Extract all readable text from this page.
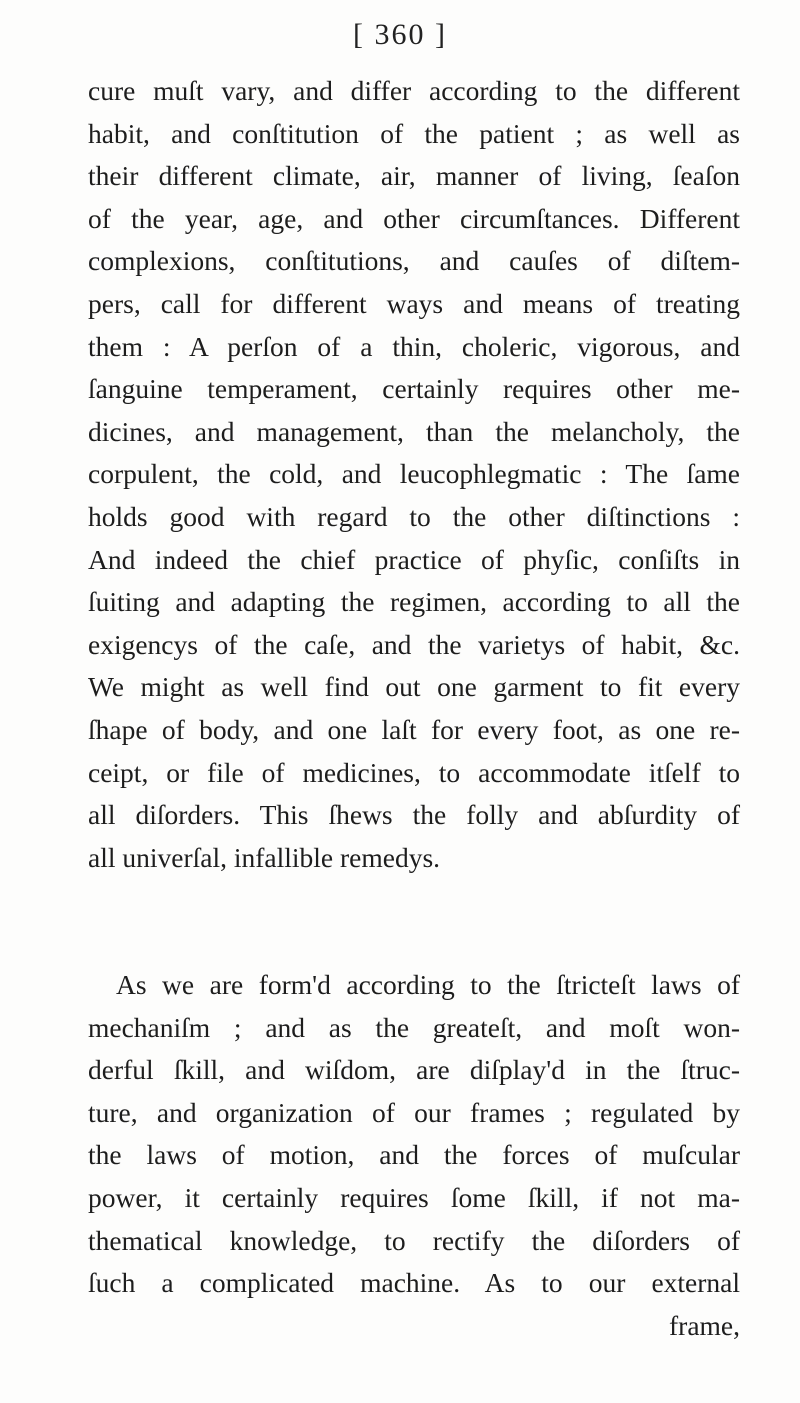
[ 360 ]
cure muſt vary, and differ according to the different
habit, and conſtitution of the patient ; as well as
their different climate, air, manner of living, ſeaſon
of the year, age, and other circumſtances. Different
complexions, conſtitutions, and cauſes of diſtem-
pers, call for different ways and means of treating
them : A perſon of a thin, choleric, vigorous, and
ſanguine temperament, certainly requires other me-
dicines, and management, than the melancholy, the
corpulent, the cold, and leucophlegmatic : The ſame
holds good with regard to the other diſtinctions :
And indeed the chief practice of phyſic, conſiſts in
ſuiting and adapting the regimen, according to all the
exigencys of the caſe, and the varietys of habit, &c.
We might as well find out one garment to fit every
ſhape of body, and one laſt for every foot, as one re-
ceipt, or file of medicines, to accommodate itſelf to
all diſorders. This ſhews the folly and abſurdity of
all univerſal, infallible remedys.
As we are form'd according to the ſtricteſt laws of
mechaniſm ; and as the greateſt, and moſt won-
derful ſkill, and wiſdom, are diſplay'd in the ſtruc-
ture, and organization of our frames ; regulated by
the laws of motion, and the forces of muſcular
power, it certainly requires ſome ſkill, if not ma-
thematical knowledge, to rectify the diſorders of
ſuch a complicated machine. As to our external
frame,
